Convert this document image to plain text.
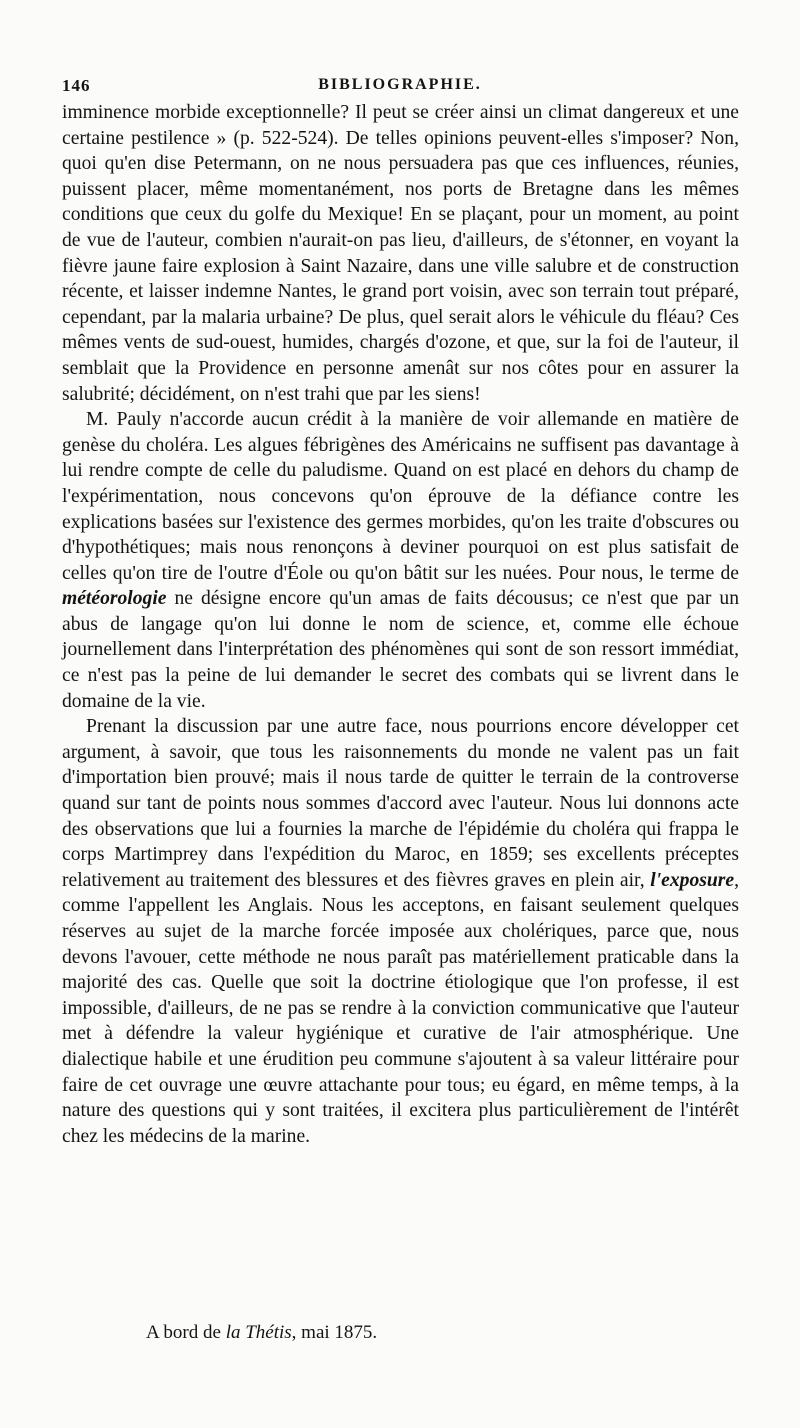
146	BIBLIOGRAPHIE.

imminence morbide exceptionnelle? Il peut se créer ainsi un climat dangereux et une certaine pestilence » (p. 522-524). De telles opinions peuvent-elles s'imposer? Non, quoi qu'en dise Petermann, on ne nous persuadera pas que ces influences, réunies, puissent placer, même momentanément, nos ports de Bretagne dans les mêmes conditions que ceux du golfe du Mexique! En se plaçant, pour un moment, au point de vue de l'auteur, combien n'aurait-on pas lieu, d'ailleurs, de s'étonner, en voyant la fièvre jaune faire explosion à Saint Nazaire, dans une ville salubre et de construction récente, et laisser indemne Nantes, le grand port voisin, avec son terrain tout préparé, cependant, par la malaria urbaine? De plus, quel serait alors le véhicule du fléau? Ces mêmes vents de sud-ouest, humides, chargés d'ozone, et que, sur la foi de l'auteur, il semblait que la Providence en personne amenât sur nos côtes pour en assurer la salubrité; décidément, on n'est trahi que par les siens!

M. Pauly n'accorde aucun crédit à la manière de voir allemande en matière de genèse du choléra. Les algues fébrigènes des Américains ne suffisent pas davantage à lui rendre compte de celle du paludisme. Quand on est placé en dehors du champ de l'expérimentation, nous concevons qu'on éprouve de la défiance contre les explications basées sur l'existence des germes morbides, qu'on les traite d'obscures ou d'hypothétiques; mais nous renonçons à deviner pourquoi on est plus satisfait de celles qu'on tire de l'outre d'Éole ou qu'on bâtit sur les nuées. Pour nous, le terme de météorologie ne désigne encore qu'un amas de faits décousus; ce n'est que par un abus de langage qu'on lui donne le nom de science, et, comme elle échoue journellement dans l'interprétation des phénomènes qui sont de son ressort immédiat, ce n'est pas la peine de lui demander le secret des combats qui se livrent dans le domaine de la vie.

Prenant la discussion par une autre face, nous pourrions encore développer cet argument, à savoir, que tous les raisonnements du monde ne valent pas un fait d'importation bien prouvé; mais il nous tarde de quitter le terrain de la controverse quand sur tant de points nous sommes d'accord avec l'auteur. Nous lui donnons acte des observations que lui a fournies la marche de l'épidémie du choléra qui frappa le corps Martimprey dans l'expédition du Maroc, en 1859; ses excellents préceptes relativement au traitement des blessures et des fièvres graves en plein air, l'exposure, comme l'appellent les Anglais. Nous les acceptons, en faisant seulement quelques réserves au sujet de la marche forcée imposée aux cholériques, parce que, nous devons l'avouer, cette méthode ne nous paraît pas matériellement praticable dans la majorité des cas. Quelle que soit la doctrine étiologique que l'on professe, il est impossible, d'ailleurs, de ne pas se rendre à la conviction communicative que l'auteur met à défendre la valeur hygiénique et curative de l'air atmosphérique. Une dialectique habile et une érudition peu commune s'ajoutent à sa valeur littéraire pour faire de cet ouvrage une œuvre attachante pour tous; eu égard, en même temps, à la nature des questions qui y sont traitées, il excitera plus particulièrement de l'intérêt chez les médecins de la marine.

A bord de la Thétis, mai 1875.
